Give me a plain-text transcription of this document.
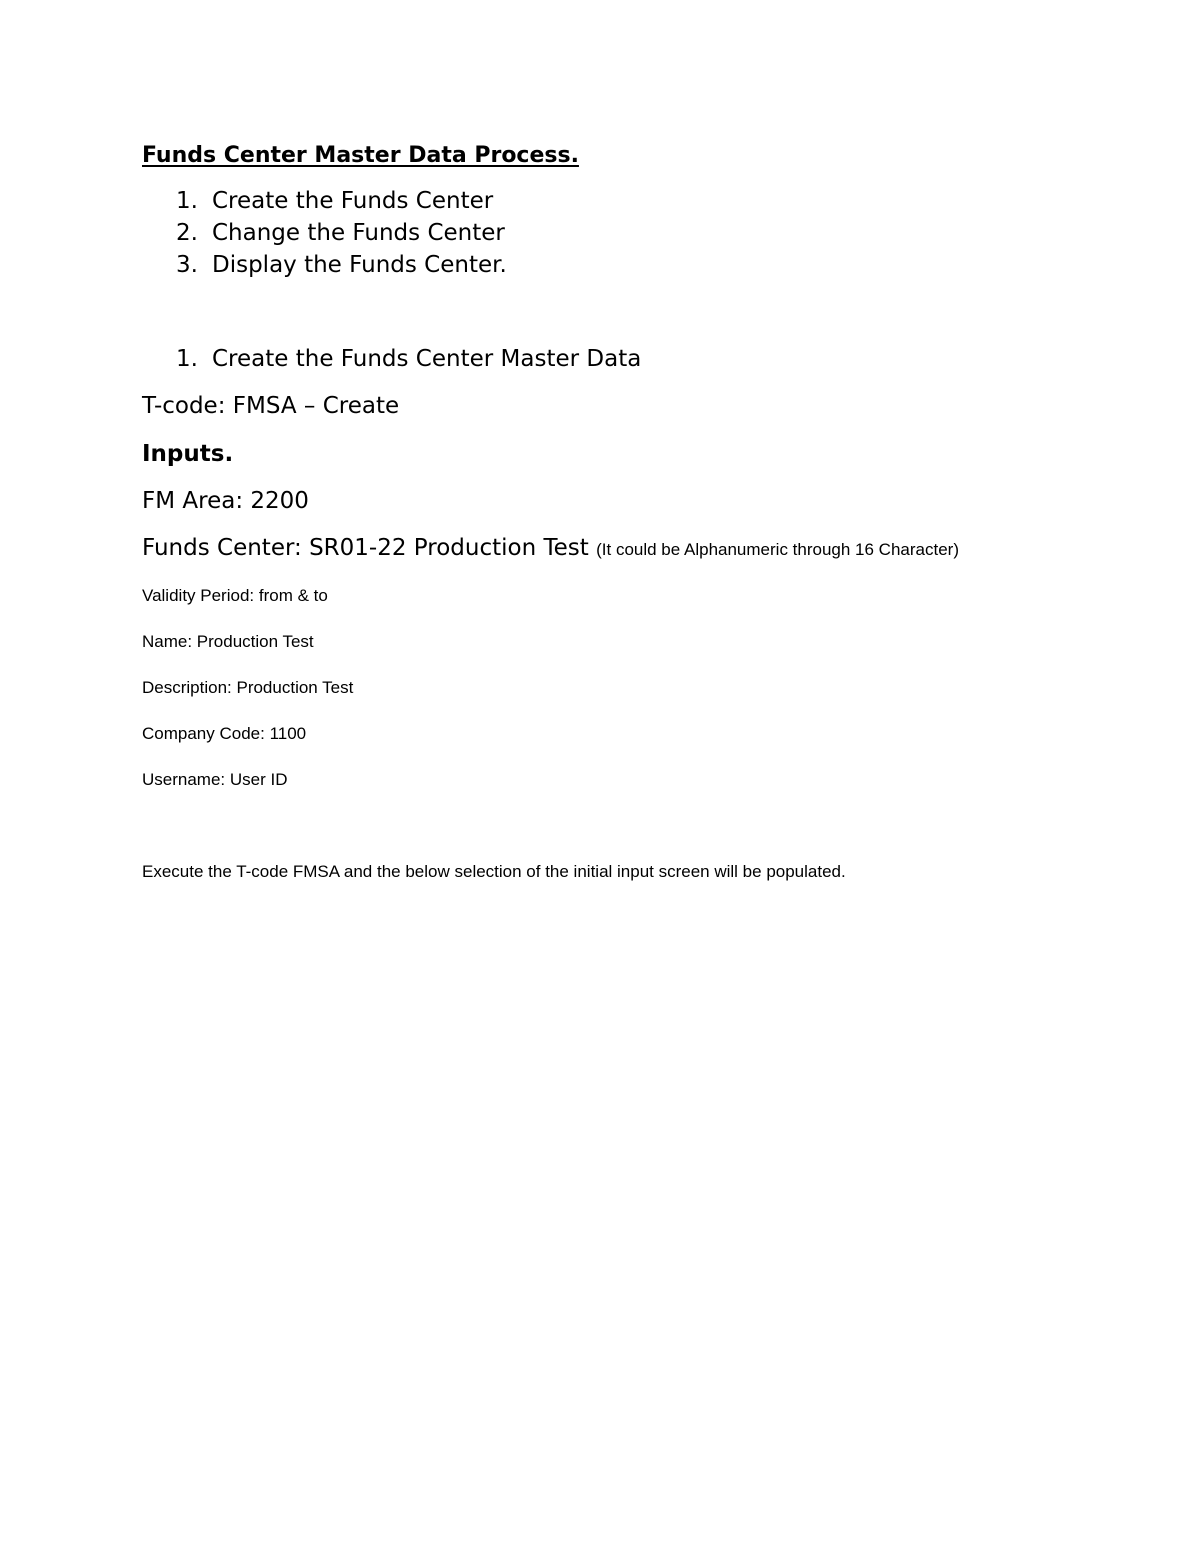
Funds Center Master Data Process.
1. Create the Funds Center
2. Change the Funds Center
3. Display the Funds Center.
1. Create the Funds Center Master Data
T-code: FMSA – Create
Inputs.
FM Area: 2200
Funds Center: SR01-22 Production Test (It could be Alphanumeric through 16 Character)
Validity Period: from & to
Name: Production Test
Description: Production Test
Company Code: 1100
Username: User ID
Execute the T-code FMSA and the below selection of the initial input screen will be populated.
